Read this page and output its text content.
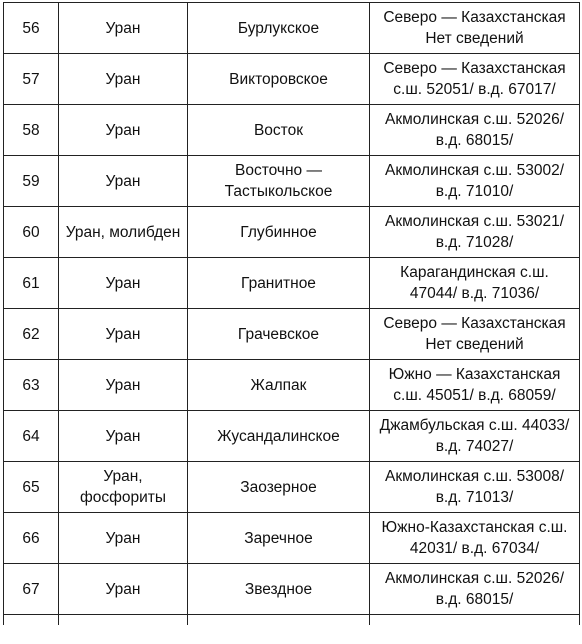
56	Уран	Бурлукское	Северо — Казахстанская
Нет сведений

57	Уран	Викторовское	Северо — Казахстанская
с.ш. 52051/ в.д. 67017/

58	Уран	Восток	Акмолинская с.ш. 52026/
в.д. 68015/

59	Уран	Восточно —
Тастыкольское	Акмолинская с.ш. 53002/
в.д. 71010/

60	Уран, молибден	Глубинное	Акмолинская с.ш. 53021/
в.д. 71028/

61	Уран	Гранитное	Карагандинская с.ш.
47044/ в.д. 71036/

62	Уран	Грачевское	Северо — Казахстанская
Нет сведений

63	Уран	Жалпак	Южно — Казахстанская
с.ш. 45051/ в.д. 68059/

64	Уран	Жусандалинское	Джамбульская с.ш. 44033/
в.д. 74027/

65	Уран,
фосфориты	Заозерное	Акмолинская с.ш. 53008/
в.д. 71013/

66	Уран	Заречное	Южно-Казахстанская с.ш.
42031/ в.д. 67034/

67	Уран	Звездное	Акмолинская с.ш. 52026/
в.д. 68015/
